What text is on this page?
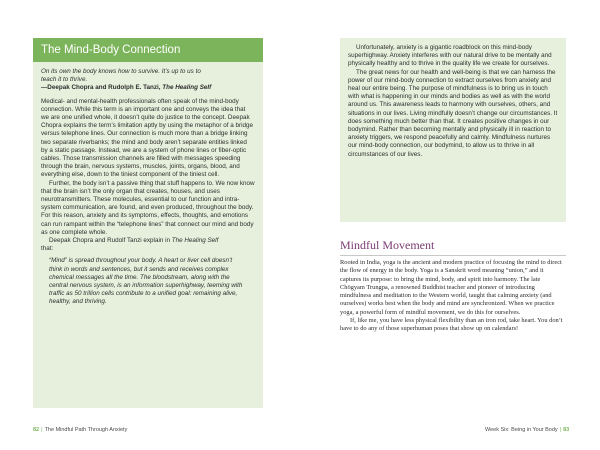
The Mind-Body Connection

On its own the body knows how to survive. It’s up to us to
teach it to thrive.

—Deepak Chopra and Rudolph E. Tanzi, The Healing Self

Medical- and mental-health professionals often speak of the mind-body connection. While this term is an important one and conveys the idea that we are one unified whole, it doesn’t quite do justice to the concept. Deepak Chopra explains the term’s limitation aptly by using the metaphor of a bridge versus telephone lines. Our connection is much more than a bridge linking two separate riverbanks; the mind and body aren’t separate entities linked by a static passage. Instead, we are a system of phone lines or fiber-optic cables. Those transmission channels are filled with messages speeding through the brain, nervous systems, muscles, joints, organs, blood, and everything else, down to the tiniest component of the tiniest cell.

Further, the body isn’t a passive thing that stuff happens to. We now know that the brain isn’t the only organ that creates, houses, and uses neurotransmitters. These molecules, essential to our function and intra-system communication, are found, and even produced, throughout the body. For this reason, anxiety and its symptoms, effects, thoughts, and emotions can run rampant within the “telephone lines” that connect our mind and body as one complete whole.

Deepak Chopra and Rudolf Tanzi explain in The Healing Self
that:

“Mind” is spread throughout your body. A heart or liver cell doesn’t think in words and sentences, but it sends and receives complex chemical messages all the time. The bloodstream, along with the central nervous system, is an information superhighway, teeming with traffic as 50 trillion cells contribute to a unified goal: remaining alive, healthy, and thriving.

82 | The Mindful Path Through Anxiety

Unfortunately, anxiety is a gigantic roadblock on this mind-body superhighway. Anxiety interferes with our natural drive to be mentally and physically healthy and to thrive in the quality life we create for ourselves.

The great news for our health and well-being is that we can harness the power of our mind-body connection to extract ourselves from anxiety and heal our entire being. The purpose of mindfulness is to bring us in touch with what is happening in our minds and bodies as well as with the world around us. This awareness leads to harmony with ourselves, others, and situations in our lives. Living mindfully doesn’t change our circumstances. It does something much better than that. It creates positive changes in our bodymind. Rather than becoming mentally and physically ill in reaction to anxiety triggers, we respond peacefully and calmly. Mindfulness nurtures our mind-body connection, our bodymind, to allow us to thrive in all circumstances of our lives.

Mindful Movement

Rooted in India, yoga is the ancient and modern practice of focusing the mind to direct the flow of energy in the body. Yoga is a Sanskrit word meaning “union,” and it captures its purpose: to bring the mind, body, and spirit into harmony. The late Chögyam Trungpa, a renowned Buddhist teacher and pioneer of introducing mindfulness and meditation to the Western world, taught that calming anxiety (and ourselves) works best when the body and mind are synchronized. When we practice yoga, a powerful form of mindful movement, we do this for ourselves.

If, like me, you have less physical flexibility than an iron rod, take heart. You don’t have to do any of those superhuman poses that show up on calendars!

Week Six: Being in Your Body | 83
